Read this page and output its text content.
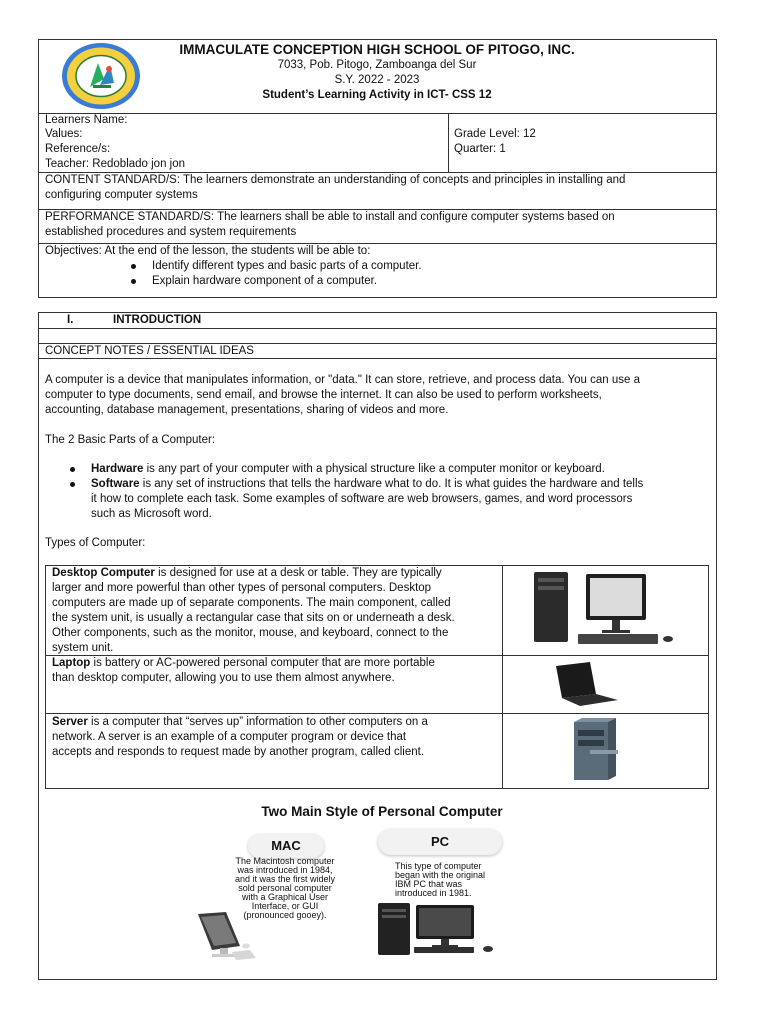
IMMACULATE CONCEPTION HIGH SCHOOL OF PITOGO, INC.
7033, Pob. Pitogo, Zamboanga del Sur
S.Y. 2022 - 2023
Student’s Learning Activity in ICT- CSS 12
Learners Name:
Values:
Reference/s:
Teacher: Redoblado jon jon
Grade Level: 12
Quarter: 1
CONTENT STANDARD/S: The learners demonstrate an understanding of concepts and principles in installing and
configuring computer systems
PERFORMANCE STANDARD/S: The learners shall be able to install and configure computer systems based on
established procedures and system requirements
Objectives: At the end of the lesson, the students will be able to:
Identify different types and basic parts of a computer.
Explain hardware component of a computer.
I.	INTRODUCTION
CONCEPT NOTES / ESSENTIAL IDEAS
A computer is a device that manipulates information, or "data." It can store, retrieve, and process data. You can use a
computer to type documents, send email, and browse the internet. It can also be used to perform worksheets,
accounting, database management, presentations, sharing of videos and more.
The 2 Basic Parts of a Computer:
Hardware is any part of your computer with a physical structure like a computer monitor or keyboard.
Software is any set of instructions that tells the hardware what to do. It is what guides the hardware and tells
it how to complete each task. Some examples of software are web browsers, games, and word processors
such as Microsoft word.
Types of Computer:
Desktop Computer is designed for use at a desk or table. They are typically
larger and more powerful than other types of personal computers. Desktop
computers are made up of separate components. The main component, called
the system unit, is usually a rectangular case that sits on or underneath a desk.
Other components, such as the monitor, mouse, and keyboard, connect to the
system unit.
Laptop is battery or AC-powered personal computer that are more portable
than desktop computer, allowing you to use them almost anywhere.
Server is a computer that “serves up” information to other computers on a
network. A server is an example of a computer program or device that
accepts and responds to request made by another program, called client.
Two Main Style of Personal Computer
MAC
The Macintosh computer
was introduced in 1984,
and it was the first widely
sold personal computer
with a Graphical User
Interface, or GUI
(pronounced gooey).
PC
This type of computer
began with the original
IBM PC that was
introduced in 1981.
